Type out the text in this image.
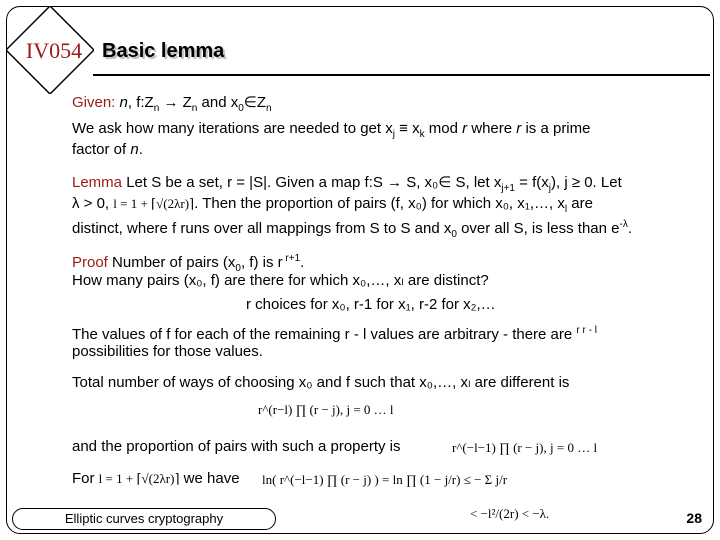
IV054 Basic lemma
Given: n, $f:Z_n \to Z_n$ and $x_0\in Z_n$
We ask how many iterations are needed to get $x_j \equiv x_k$ mod r where r is a prime
factor of n.
Lemma Let S be a set, r = |S|. Given a map f:S → S, x₀∈ S, let $x_{j+1} = f(x_j)$, j ≥ 0. Let
λ > 0, l = 1 + ⌈√(2λr)⌉. Then the proportion of pairs (f, x₀) for which x₀, x₁,…, $x_l$ are
distinct, where f runs over all mappings from S to S and $x_0$ over all S, is less than $e^{-\lambda}$.
Proof Number of pairs ($x_0$, f) is r $^{r+1}$.
How many pairs (x₀, f) are there for which x₀,…, xₗ are distinct?
r choices for x₀, r-1 for x₁, r-2 for x₂,…
The values of f for each of the remaining r - l values are arbitrary - there are $^{r r - l}$
possibilities for those values.
Total number of ways of choosing x₀ and f such that x₀,…, xₗ are different is
r^(r−l) ∏ (r − j), j = 0 … l
and the proportion of pairs with such a property is	r^(−l−1) ∏ (r − j), j = 0 … l
For l = 1 + ⌈√(2λr)⌉ we have ln( r^(−l−1) ∏ (r − j) ) = ln ∏ (1 − j/r) ≤ − Σ j/r
< −l²/(2r) < −λ.
Elliptic curves cryptography	28
